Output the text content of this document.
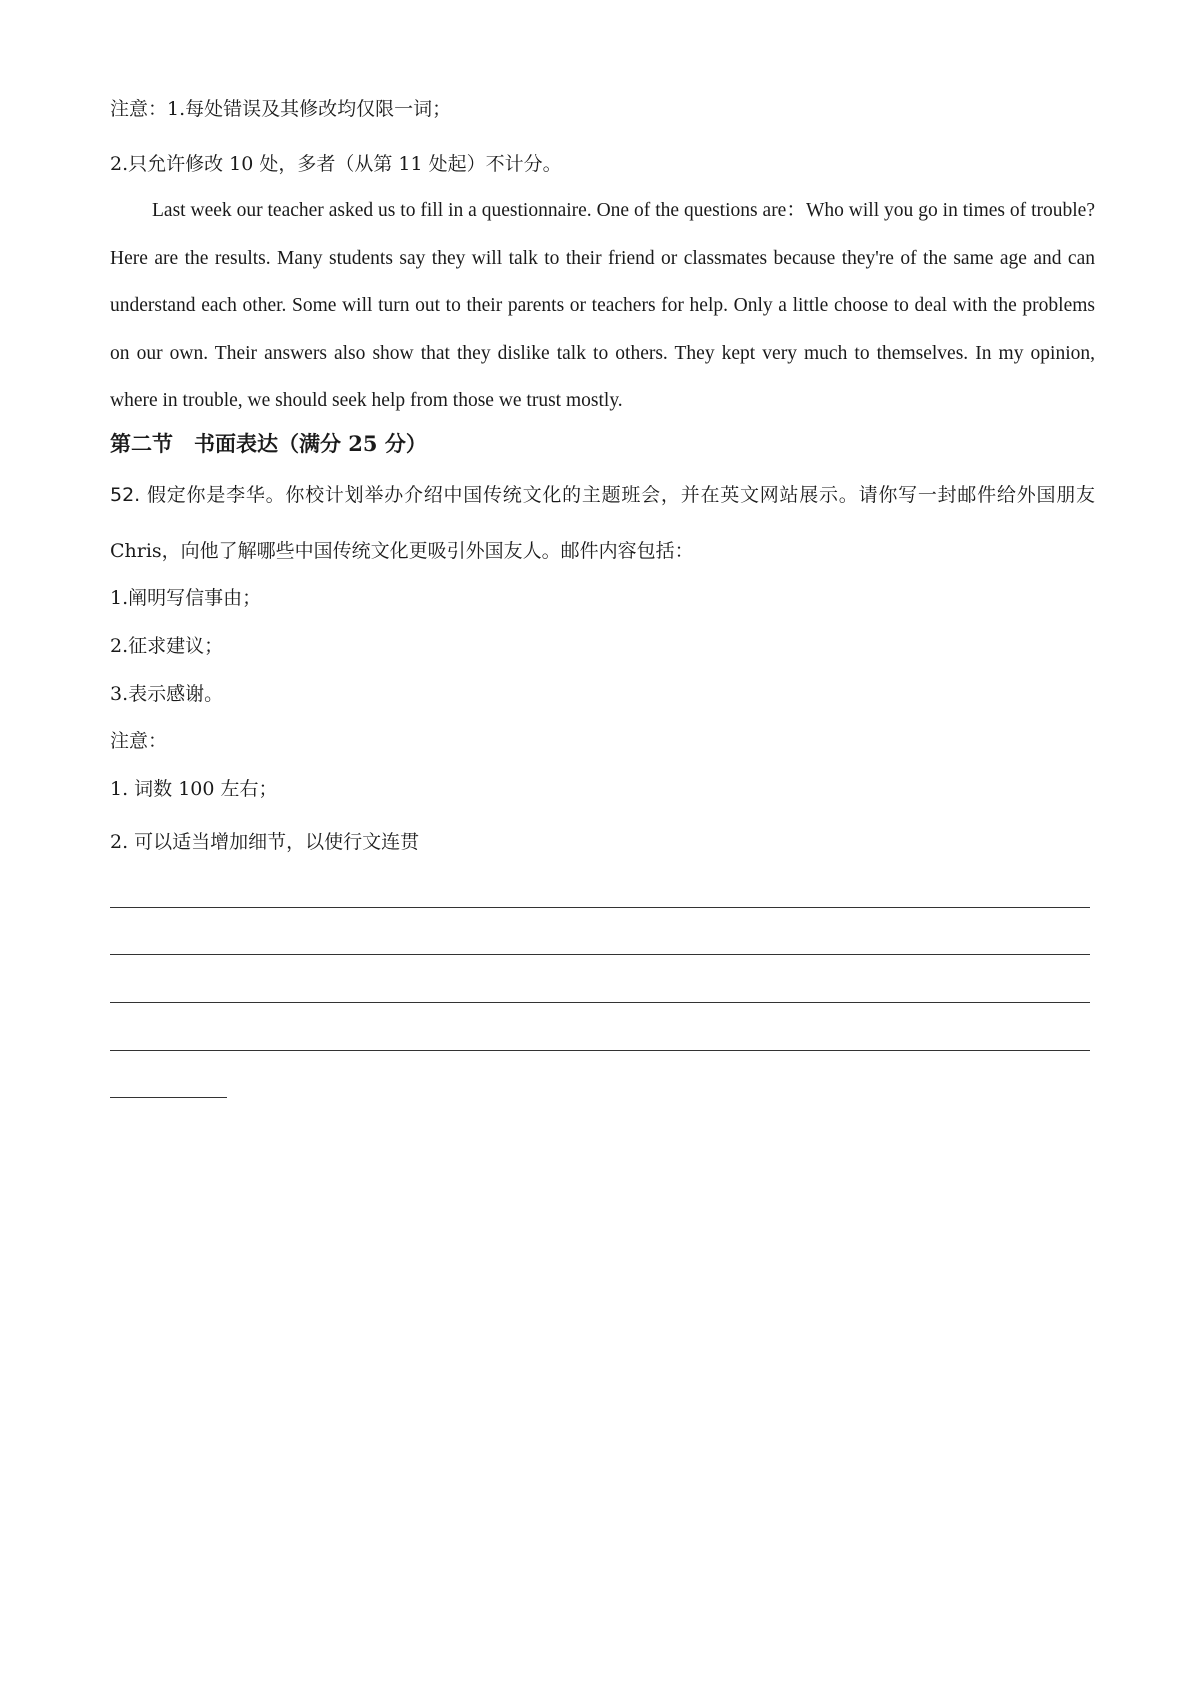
注意：1.每处错误及其修改均仅限一词；
2.只允许修改 10 处，多者（从第 11 处起）不计分。
Last week our teacher asked us to fill in a questionnaire. One of the questions are：Who will you go in times of trouble? Here are the results. Many students say they will talk to their friend or classmates because they're of the same age and can understand each other. Some will turn out to their parents or teachers for help. Only a little choose to deal with the problems on our own. Their answers also show that they dislike talk to others. They kept very much to themselves. In my opinion, where in trouble, we should seek help from those we trust mostly.
第二节　书面表达（满分 25 分）
52. 假定你是李华。你校计划举办介绍中国传统文化的主题班会，并在英文网站展示。请你写一封邮件给外国朋友 Chris，向他了解哪些中国传统文化更吸引外国友人。邮件内容包括：
1.阐明写信事由；
2.征求建议；
3.表示感谢。
注意：
1. 词数 100 左右；
2. 可以适当增加细节，以使行文连贯
